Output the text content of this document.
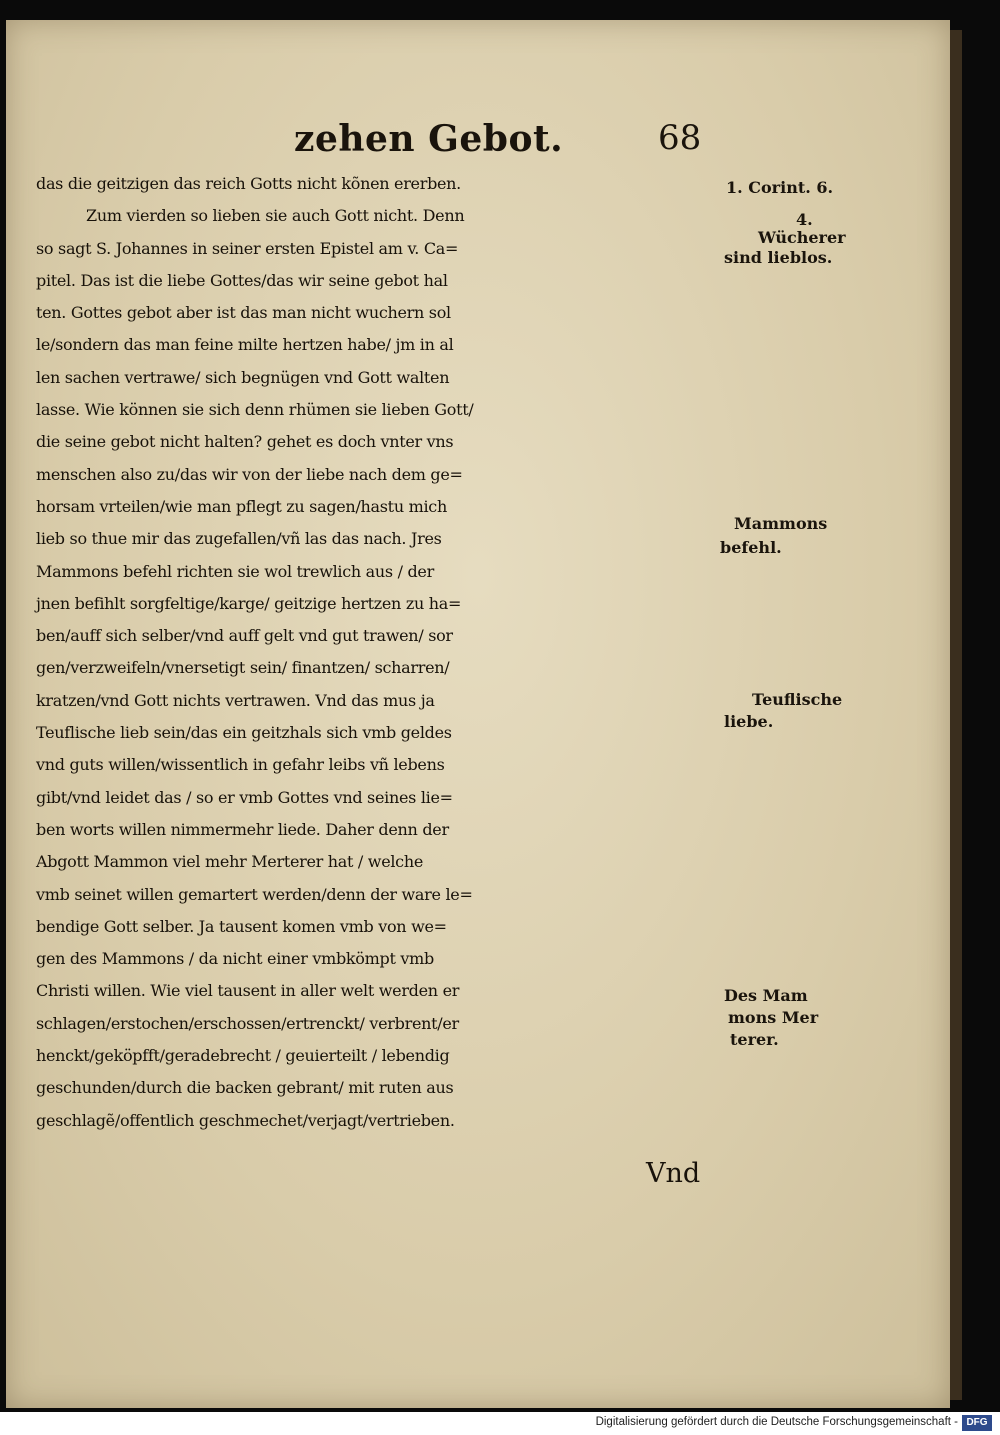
zehen Gebot.	68
das die geitzigen das reich Gotts nicht kõnen ererben.
Zum vierden so lieben sie auch Gott nicht. Denn
so sagt S. Johannes in seiner ersten Epistel am v. Ca=
pitel. Das ist die liebe Gottes/das wir seine gebot hal
ten. Gottes gebot aber ist das man nicht wuchern sol
le/sondern das man feine milte hertzen habe/ jm in al
len sachen vertrawe/ sich begnügen vnd Gott walten
lasse. Wie können sie sich denn rhümen sie lieben Gott/
die seine gebot nicht halten? gehet es doch vnter vns
menschen also zu/das wir von der liebe nach dem ge=
horsam vrteilen/wie man pflegt zu sagen/hastu mich
lieb so thue mir das zugefallen/vñ las das nach. Jres
Mammons befehl richten sie wol trewlich aus / der
jnen befihlt sorgfeltige/karge/ geitzige hertzen zu ha=
ben/auff sich selber/vnd auff gelt vnd gut trawen/ sor
gen/verzweifeln/vnersetigt sein/ finantzen/ scharren/
kratzen/vnd Gott nichts vertrawen. Vnd das mus ja
Teuflische lieb sein/das ein geitzhals sich vmb geldes
vnd guts willen/wissentlich in gefahr leibs vñ lebens
gibt/vnd leidet das / so er vmb Gottes vnd seines lie=
ben worts willen nimmermehr liede. Daher denn der
Abgott Mammon viel mehr Merterer hat / welche
vmb seinet willen gemartert werden/denn der ware le=
bendige Gott selber. Ja tausent komen vmb von we=
gen des Mammons / da nicht einer vmbkömpt vmb
Christi willen. Wie viel tausent in aller welt werden er
schlagen/erstochen/erschossen/ertrenckt/ verbrent/er
henckt/geköpfft/geradebrecht / geuierteilt / lebendig
geschunden/durch die backen gebrant/ mit ruten aus
geschlagẽ/offentlich geschmechet/verjagt/vertrieben.
Vnd
1. Corint. 6.
4.
Wücherer
sind lieblos.
Mammons
befehl.
Teuflische
liebe.
Des Mam
mons Mer
terer.
Digitalisierung gefördert durch die Deutsche Forschungsgemeinschaft - DFG
